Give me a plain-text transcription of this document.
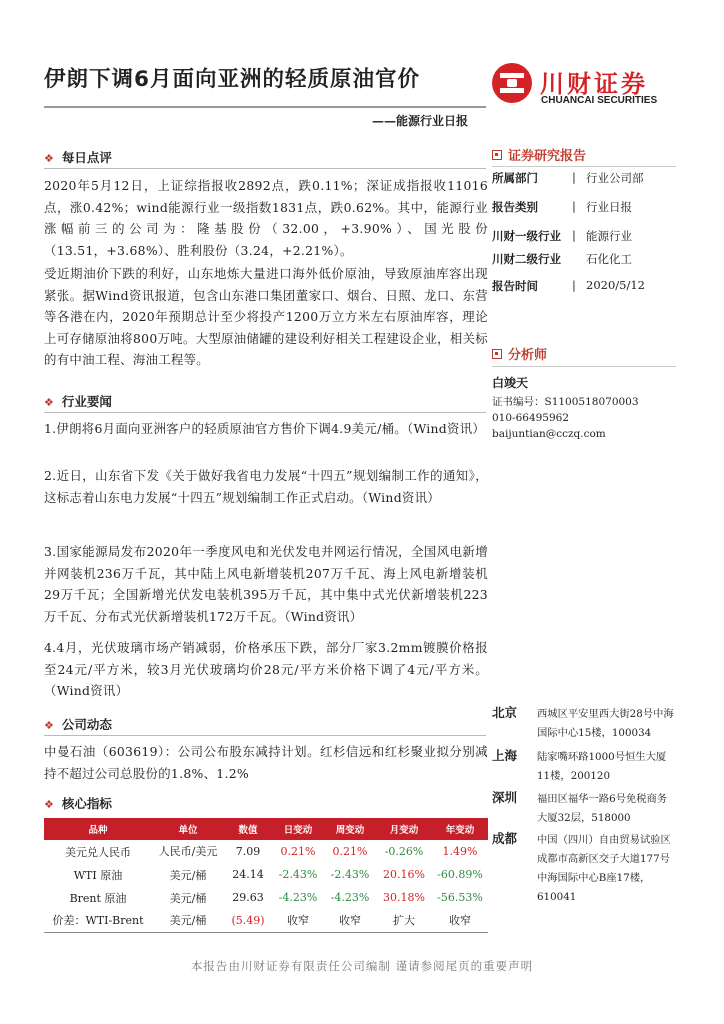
伊朗下调6月面向亚洲的轻质原油官价	川财证券
CHUANCAI SECURITIES
——能源行业日报
❖ 每日点评
2020年5月12日，上证综指报收2892点，跌0.11%；深证成指报收11016点，涨0.42%；wind能源行业一级指数1831点，跌0.62%。其中，能源行业涨幅前三的公司为：隆基股份（32.00，+3.90%）、国光股份（13.51，+3.68%）、胜利股份（3.24，+2.21%）。
受近期油价下跌的利好，山东地炼大量进口海外低价原油，导致原油库容出现紧张。据Wind资讯报道，包含山东港口集团董家口、烟台、日照、龙口、东营等各港在内，2020年预期总计至少将投产1200万立方米左右原油库容，理论上可存储原油将800万吨。大型原油储罐的建设利好相关工程建设企业，相关标的有中油工程、海油工程等。
❖ 行业要闻
1.伊朗将6月面向亚洲客户的轻质原油官方售价下调4.9美元/桶。（Wind资讯）
2.近日，山东省下发《关于做好我省电力发展“十四五”规划编制工作的通知》，这标志着山东电力发展“十四五”规划编制工作正式启动。（Wind资讯）
3.国家能源局发布2020年一季度风电和光伏发电并网运行情况，全国风电新增并网装机236万千瓦，其中陆上风电新增装机207万千瓦、海上风电新增装机29万千瓦；全国新增光伏发电装机395万千瓦，其中集中式光伏新增装机223万千瓦、分布式光伏新增装机172万千瓦。（Wind资讯）
4.4月，光伏玻璃市场产销减弱，价格承压下跌，部分厂家3.2mm镀膜价格报至24元/平方米，较3月光伏玻璃均价28元/平方米价格下调了4元/平方米。（Wind资讯）
❖ 公司动态
中曼石油（603619）：公司公布股东减持计划。红杉信远和红杉聚业拟分别减持不超过公司总股份的1.8%、1.2%
❖ 核心指标
品种	单位	数值	日变动	周变动	月变动	年变动
美元兑人民币	人民币/美元	7.09	0.21%	0.21%	-0.26%	1.49%
WTI 原油	美元/桶	24.14	-2.43%	-2.43%	20.16%	-60.89%
Brent 原油	美元/桶	29.63	-4.23%	-4.23%	30.18%	-56.53%
价差：WTI-Brent	美元/桶	(5.49)	收窄	收窄	扩大	收窄
证券研究报告
所属部门	| 行业公司部
报告类别	| 行业日报
川财一级行业 | 能源行业
川财二级行业 石化化工
报告时间	| 2020/5/12
分析师
白竣天
证书编号：S1100518070003
010-66495962
baijuntian@cczq.com
北京 西城区平安里西大街28号中海国际中心15楼，100034
上海 陆家嘴环路1000号恒生大厦11楼，200120
深圳 福田区福华一路6号免税商务大厦32层，518000
成都 中国（四川）自由贸易试验区成都市高新区交子大道177号中海国际中心B座17楼，610041
本报告由川财证券有限责任公司编制 谨请参阅尾页的重要声明
